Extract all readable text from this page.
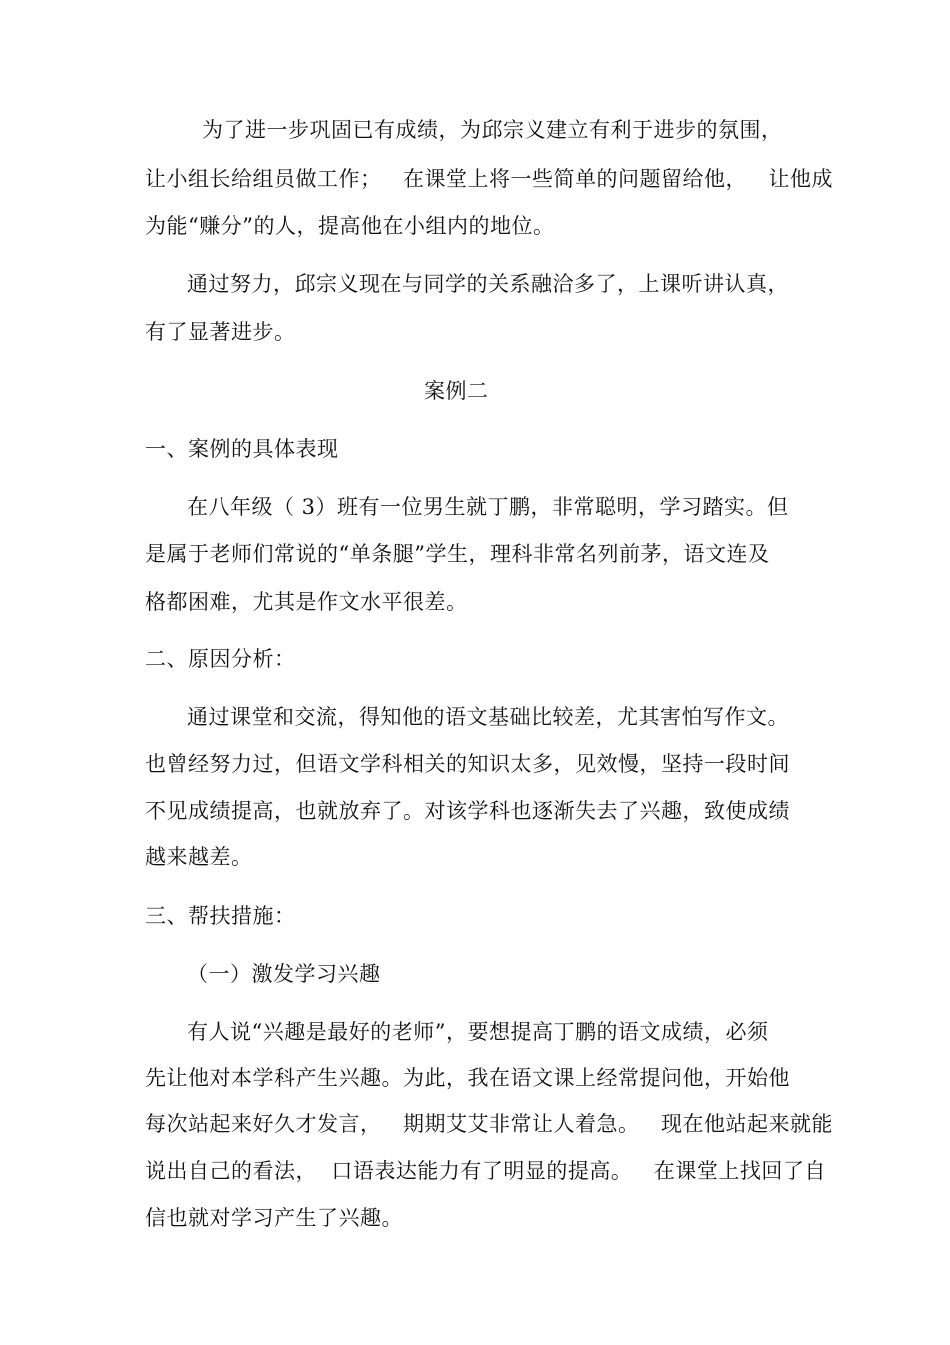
为了进一步巩固已有成绩，为邱宗义建立有利于进步的氛围，
让小组长给组员做工作；   在课堂上将一些简单的问题留给他，   让他成
为能“赚分”的人，提高他在小组内的地位。
通过努力，邱宗义现在与同学的关系融洽多了，上课听讲认真，
有了显著进步。
案例二
一、案例的具体表现
在八年级（ 3）班有一位男生就丁鹏，非常聪明，学习踏实。但
是属于老师们常说的“单条腿”学生，理科非常名列前茅，语文连及
格都困难，尤其是作文水平很差。
二、原因分析：
通过课堂和交流，得知他的语文基础比较差，尤其害怕写作文。
也曾经努力过，但语文学科相关的知识太多，见效慢，坚持一段时间
不见成绩提高，也就放弃了。对该学科也逐渐失去了兴趣，致使成绩
越来越差。
三、帮扶措施：
（一）激发学习兴趣
有人说“兴趣是最好的老师”，要想提高丁鹏的语文成绩，必须
先让他对本学科产生兴趣。为此，我在语文课上经常提问他，开始他
每次站起来好久才发言，   期期艾艾非常让人着急。   现在他站起来就能
说出自己的看法，  口语表达能力有了明显的提高。   在课堂上找回了自
信也就对学习产生了兴趣。
